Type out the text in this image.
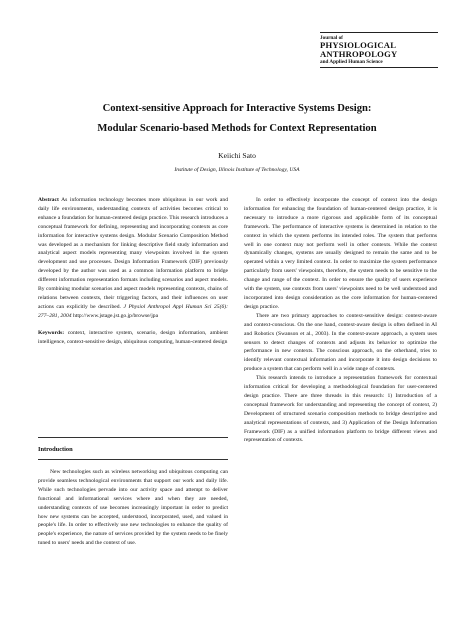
Journal of
PHYSIOLOGICAL
ANTHROPOLOGY
and Applied Human Science
Context-sensitive Approach for Interactive Systems Design:
Modular Scenario-based Methods for Context Representation
Keiichi Sato
Institute of Design, Illinois Institute of Technology, USA

Abstract As information technology becomes more ubiquitous in our work and daily life environments, understanding contexts of activities becomes critical to enhance a foundation for human-centered design practice. This research introduces a conceptual framework for defining, representing and incorporating contexts as core information for interactive systems design. Modular Scenario Composition Method was developed as a mechanism for linking descriptive field study information and analytical aspect models representing many viewpoints involved in the system development and use processes. Design Information Framework (DIF) previously developed by the author was used as a common information platform to bridge different information representation formats including scenarios and aspect models. By combining modular scenarios and aspect models representing contexts, chains of relations between contexts, their triggering factors, and their influences on user actions can explicitly be described. J Physiol Anthropol Appl Human Sci 25(6): 277–281, 2004 http://www.jstage.jst.go.jp/browse/jpa

Keywords: context, interactive system, scenario, design information, ambient intelligence, context-sensitive design, ubiquitous computing, human-centered design

Introduction

New technologies such as wireless networking and ubiquitous computing can provide seamless technological environments that support our work and daily life. While such technologies pervade into our activity space and attempt to deliver functional and informational services where and when they are needed, understanding contexts of use becomes increasingly important in order to predict how new systems can be accepted, understood, incorporated, used, and valued in people's life. In order to effectively use new technologies to enhance the quality of people's experience, the nature of services provided by the system needs to be finely tuned to users' needs and the context of use.

In order to effectively incorporate the concept of context into the design information for enhancing the foundation of human-centered design practice, it is necessary to introduce a more rigorous and applicable form of its conceptual framework. The performance of interactive systems is determined in relation to the context in which the system performs its intended roles. The system that performs well in one context may not perform well in other contexts. While the context dynamically changes, systems are usually designed to remain the same and to be operated within a very limited context. In order to maximize the system performance particularly from users' viewpoints, therefore, the system needs to be sensitive to the change and range of the context. In order to ensure the quality of users experience with the system, use contexts from users' viewpoints need to be well understood and incorporated into design consideration as the core information for human-centered design practice.

There are two primary approaches to context-sensitive design: context-aware and context-conscious. On the one hand, context-aware design is often defined in AI and Robotics (Swanson et al., 2003). In the context-aware approach, a system uses sensors to detect changes of contexts and adjusts its behavior to optimize the performance in new contexts. The conscious approach, on the otherhand, tries to identify relevant contextual information and incorporate it into design decisions to produce a system that can perform well in a wide range of contexts.

This research intends to introduce a representation framework for contextual information critical for developing a methodological foundation for user-centered design practice. There are three threads in this research: 1) Introduction of a conceptual framework for understanding and representing the concept of context, 2) Development of structured scenario composition methods to bridge descriptive and analytical representations of contexts, and 3) Application of the Design Information Framework (DIF) as a unified information platform to bridge different views and representation of contexts.
